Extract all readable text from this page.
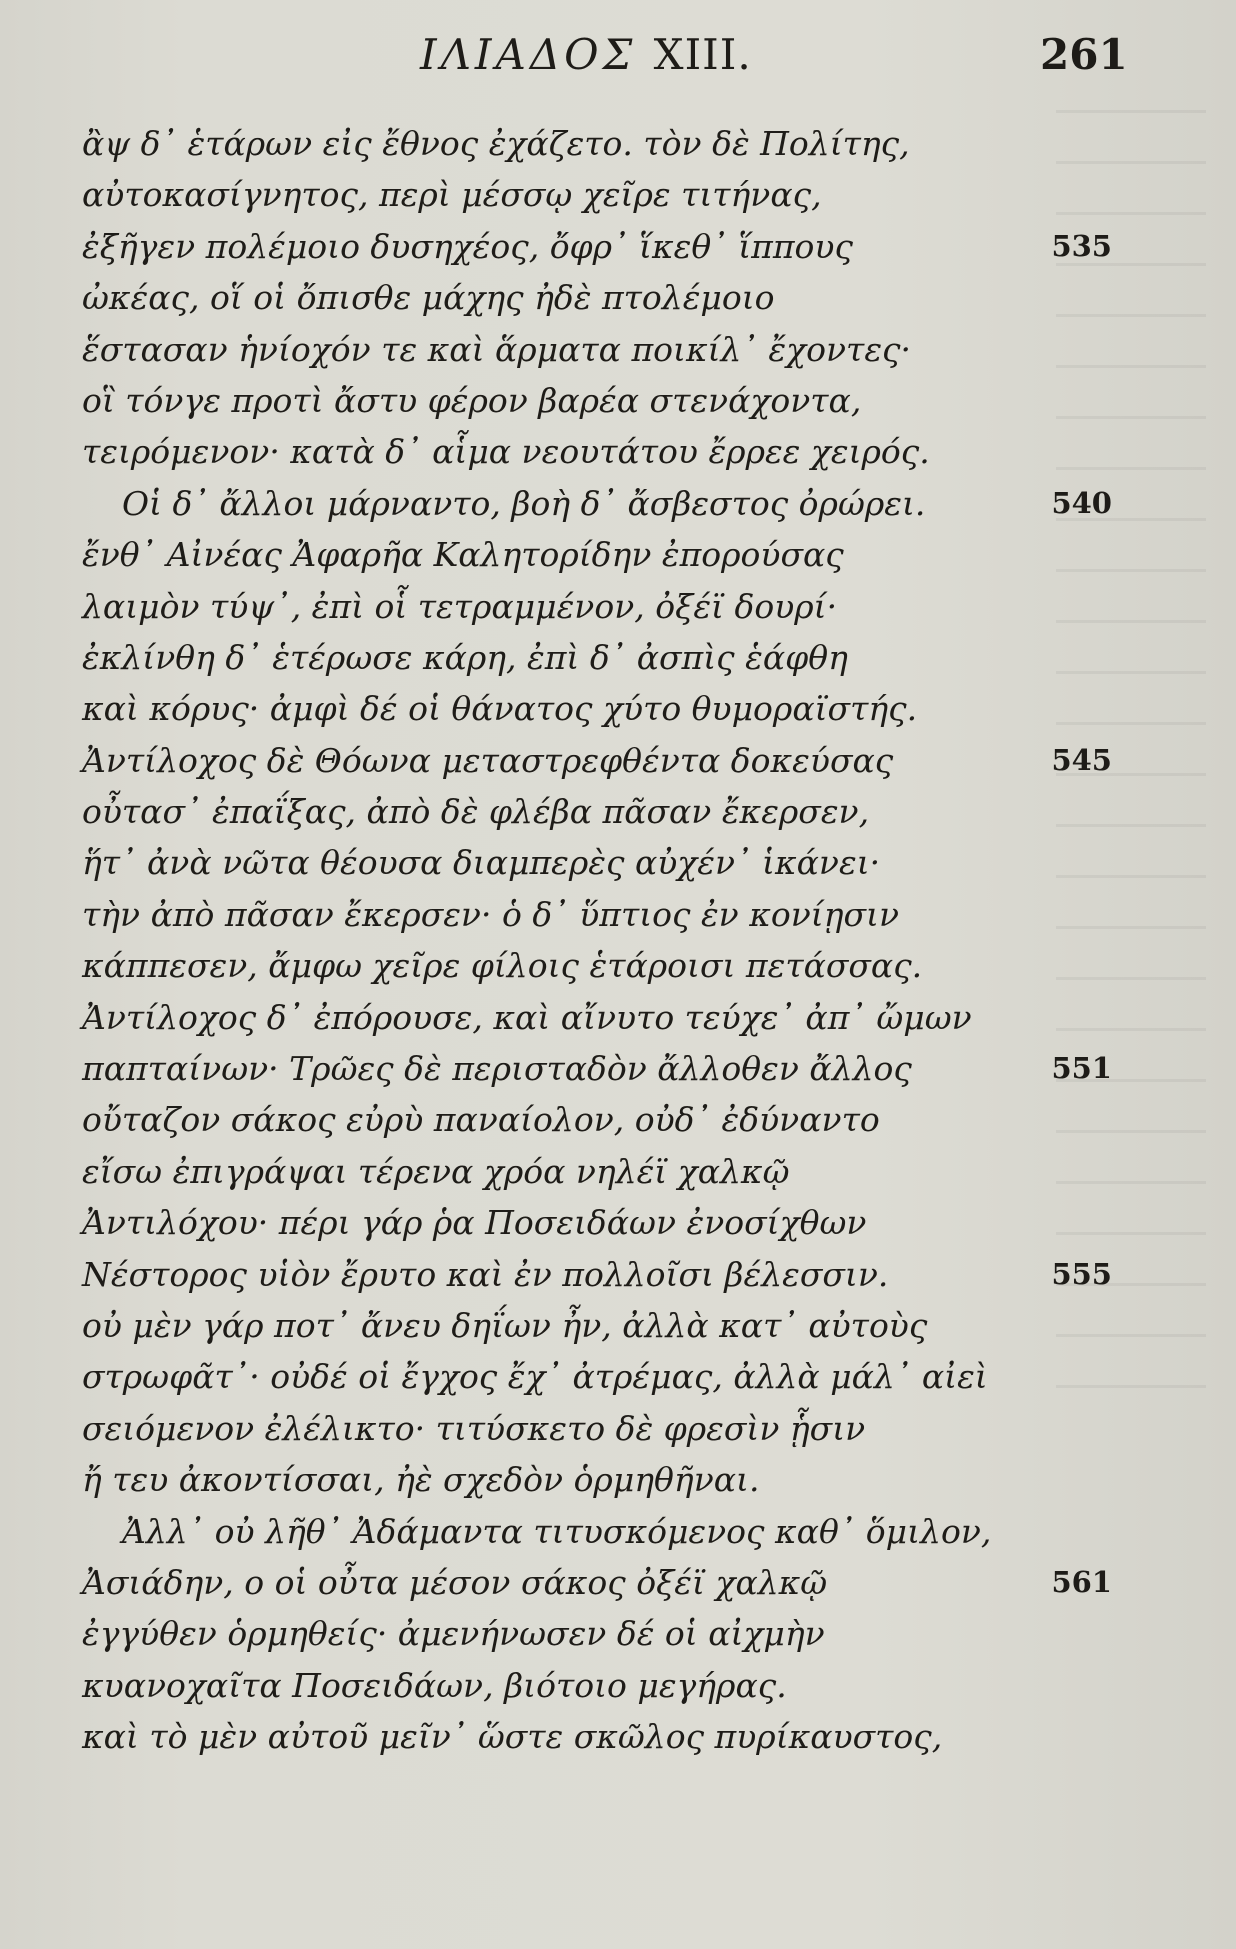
ΙΛΙΑΔΟΣ XIII.	261
ἂψ δ᾽ ἑτάρων εἰς ἔθνος ἐχάζετο. τὸν δὲ Πολίτης,
αὐτοκασίγνητος, περὶ μέσσῳ χεῖρε τιτήνας,
ἐξῆγεν πολέμοιο δυσηχέος, ὄφρ᾽ ἵκεθ᾽ ἵππους	535
ὠκέας, οἵ οἱ ὄπισθε μάχης ἠδὲ πτολέμοιο
ἕστασαν ἡνίοχόν τε καὶ ἅρματα ποικίλ᾽ ἔχοντες·
οἳ τόνγε προτὶ ἄστυ φέρον βαρέα στενάχοντα,
τειρόμενον· κατὰ δ᾽ αἷμα νεουτάτου ἔρρεε χειρός.
Οἱ δ᾽ ἄλλοι μάρναντο, βοὴ δ᾽ ἄσβεστος ὀρώρει.	540
ἔνθ᾽ Αἰνέας Ἀφαρῆα Καλητορίδην ἐπορούσας
λαιμὸν τύψ᾽, ἐπὶ οἷ τετραμμένον, ὀξέϊ δουρί·
ἐκλίνθη δ᾽ ἑτέρωσε κάρη, ἐπὶ δ᾽ ἀσπὶς ἑάφθη
καὶ κόρυς· ἀμφὶ δέ οἱ θάνατος χύτο θυμοραϊστής.
Ἀντίλοχος δὲ Θόωνα μεταστρεφθέντα δοκεύσας	545
οὖτασ᾽ ἐπαΐξας, ἀπὸ δὲ φλέβα πᾶσαν ἔκερσεν,
ἥτ᾽ ἀνὰ νῶτα θέουσα διαμπερὲς αὐχέν᾽ ἱκάνει·
τὴν ἀπὸ πᾶσαν ἔκερσεν· ὁ δ᾽ ὕπτιος ἐν κονίῃσιν
κάππεσεν, ἄμφω χεῖρε φίλοις ἑτάροισι πετάσσας.
Ἀντίλοχος δ᾽ ἐπόρουσε, καὶ αἴνυτο τεύχε᾽ ἀπ᾽ ὤμων
παπταίνων· Τρῶες δὲ περισταδὸν ἄλλοθεν ἄλλος	551
οὔταζον σάκος εὐρὺ παναίολον, οὐδ᾽ ἐδύναντο
εἴσω ἐπιγράψαι τέρενα χρόα νηλέϊ χαλκῷ
Ἀντιλόχου· πέρι γάρ ῥα Ποσειδάων ἐνοσίχθων
Νέστορος υἱὸν ἔρυτο καὶ ἐν πολλοῖσι βέλεσσιν.	555
οὐ μὲν γάρ ποτ᾽ ἄνευ δηΐων ἦν, ἀλλὰ κατ᾽ αὐτοὺς
στρωφᾶτ᾽· οὐδέ οἱ ἔγχος ἔχ᾽ ἀτρέμας, ἀλλὰ μάλ᾽ αἰεὶ
σειόμενον ἐλέλικτο· τιτύσκετο δὲ φρεσὶν ᾗσιν
ἤ τευ ἀκοντίσσαι, ἠὲ σχεδὸν ὁρμηθῆναι.
Ἀλλ᾽ οὐ λῆθ᾽ Ἀδάμαντα τιτυσκόμενος καθ᾽ ὅμιλον,
Ἀσιάδην, ο οἱ οὖτα μέσον σάκος ὀξέϊ χαλκῷ	561
ἐγγύθεν ὁρμηθείς· ἀμενήνωσεν δέ οἱ αἰχμὴν
κυανοχαῖτα Ποσειδάων, βιότοιο μεγήρας.
καὶ τὸ μὲν αὐτοῦ μεῖν᾽ ὥστε σκῶλος πυρίκαυστος,
